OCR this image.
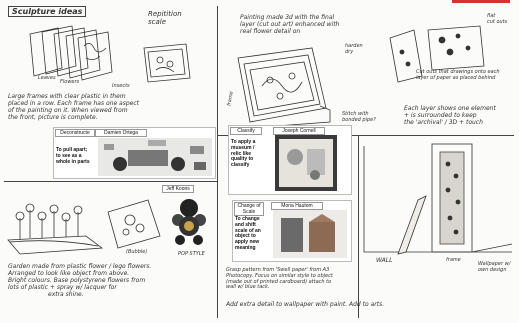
Sculpture ideas	Repitition scale
Leaves
Flowers
Insects
Large frames with clear plastic in them
placed in a row. Each frame has one aspect
of the painting on it. When viewed from
the front, picture is complete.
Deconstructe	Damien Ortega
To pull apart;
to see as a
whole in parts
Jeff Koons
(Bubble)	POP STYLE
Garden made from plastic flower / lego flowers.
Arranged to look like object from above.
Bright colours. Base polystyrene flowers from
lots of plastic + spray w/ lacquer for
extra shine.
Painting made 3d with the final
layer (cut out art) enhanced with
real flower detail on
frame
harden
dry
Stitch with
bonded pipe?
flat
cut outs
Cut outs that drawings onto each layer of paper as placed behind
Each layer shows one element
+ is surrounded to keep
the 'archival' / 3D + touch
Classify	Joseph Cornell
To apply a
museum /
relic like
quality to
classify
Change of Scale
Mona Hautom
To change
and shift
scale of an
object to
apply new
meaning
WALL	frame
Wallpaper w/
own design
Grasp pattern from 'Swell paper' from A3
Photocopy. Focus on similar style to object
(made out of printed cardboard) attach to
wall w/ blue tack.
Add extra detail to wallpaper with paint. Add to arts.
